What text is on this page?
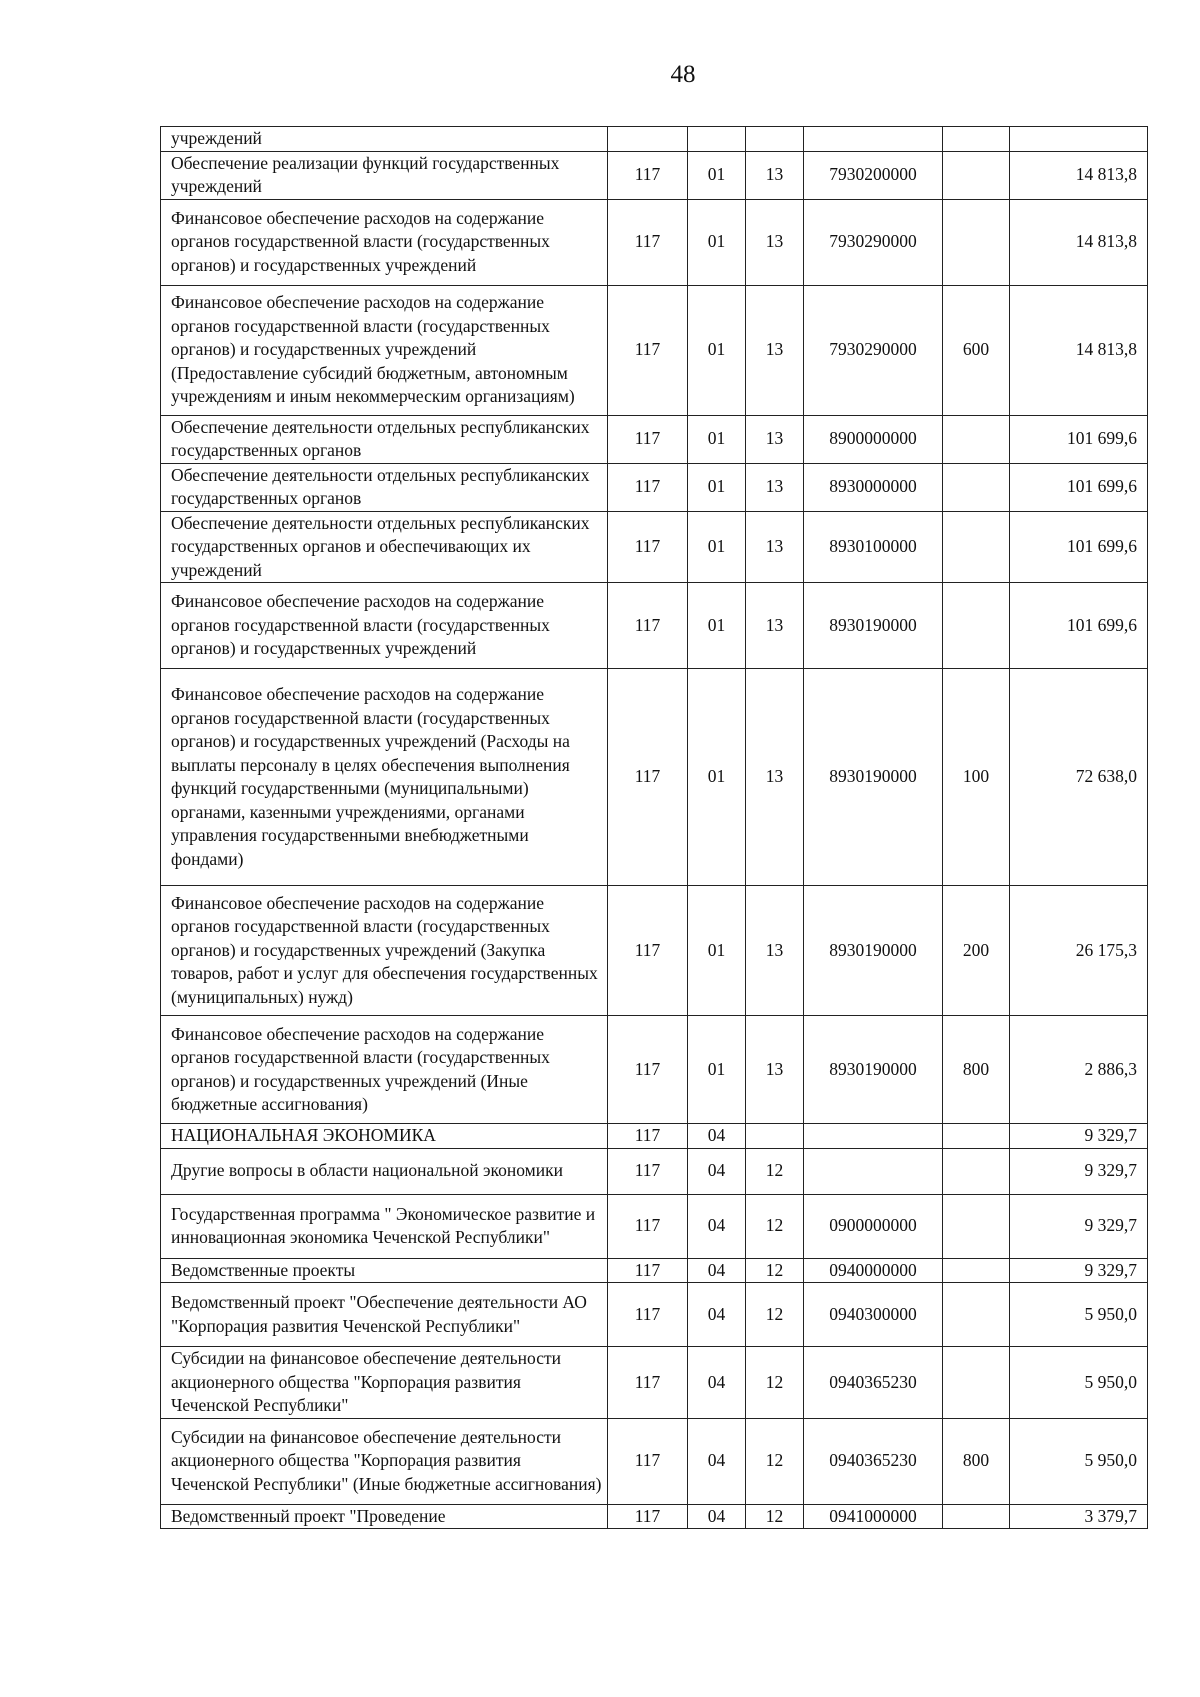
48
учреждений						
Обеспечение реализации функций государственных учреждений	117	01	13	7930200000		14 813,8
Финансовое обеспечение расходов на содержание органов государственной власти (государственных органов) и государственных учреждений	117	01	13	7930290000		14 813,8
Финансовое обеспечение расходов на содержание органов государственной власти (государственных органов) и государственных учреждений (Предоставление субсидий бюджетным, автономным учреждениям и иным некоммерческим организациям)	117	01	13	7930290000	600	14 813,8
Обеспечение деятельности отдельных республиканских государственных органов	117	01	13	8900000000		101 699,6
Обеспечение деятельности отдельных республиканских государственных органов	117	01	13	8930000000		101 699,6
Обеспечение деятельности отдельных республиканских государственных органов и обеспечивающих их учреждений	117	01	13	8930100000		101 699,6
Финансовое обеспечение расходов на содержание органов государственной власти (государственных органов) и государственных учреждений	117	01	13	8930190000		101 699,6
Финансовое обеспечение расходов на содержание органов государственной власти (государственных органов) и государственных учреждений (Расходы на выплаты персоналу в целях обеспечения выполнения функций государственными (муниципальными) органами, казенными учреждениями, органами управления государственными внебюджетными фондами)	117	01	13	8930190000	100	72 638,0
Финансовое обеспечение расходов на содержание органов государственной власти (государственных органов) и государственных учреждений (Закупка товаров, работ и услуг для обеспечения государственных (муниципальных) нужд)	117	01	13	8930190000	200	26 175,3
Финансовое обеспечение расходов на содержание органов государственной власти (государственных органов) и государственных учреждений (Иные бюджетные ассигнования)	117	01	13	8930190000	800	2 886,3
НАЦИОНАЛЬНАЯ ЭКОНОМИКА	117	04				9 329,7
Другие вопросы в области национальной экономики	117	04	12			9 329,7
Государственная программа " Экономическое развитие и инновационная экономика Чеченской Республики"	117	04	12	0900000000		9 329,7
Ведомственные проекты	117	04	12	0940000000		9 329,7
Ведомственный проект "Обеспечение деятельности АО "Корпорация развития Чеченской Республики"	117	04	12	0940300000		5 950,0
Субсидии на финансовое обеспечение деятельности акционерного общества "Корпорация развития Чеченской Республики"	117	04	12	0940365230		5 950,0
Субсидии на финансовое обеспечение деятельности акционерного общества "Корпорация развития Чеченской Республики" (Иные бюджетные ассигнования)	117	04	12	0940365230	800	5 950,0
Ведомственный проект "Проведение	117	04	12	0941000000		3 379,7
